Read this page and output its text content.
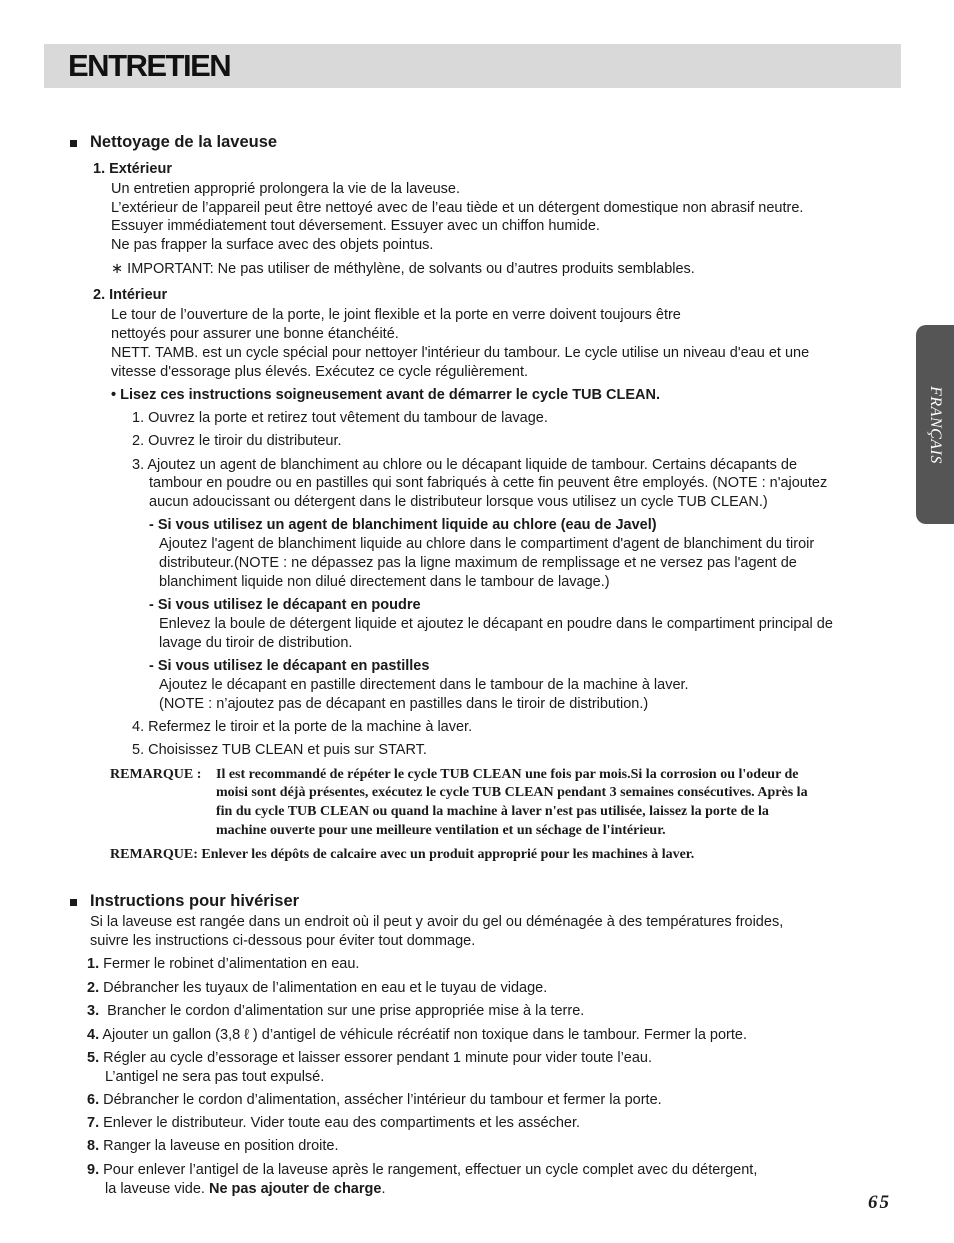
ENTRETIEN
FRANÇAIS
Nettoyage de la laveuse
1. Extérieur
Un entretien approprié prolongera la vie de la laveuse.
L’extérieur de l’appareil peut être nettoyé avec de l’eau tiède et un détergent domestique non abrasif neutre.
Essuyer immédiatement tout déversement. Essuyer avec un chiffon humide.
Ne pas frapper la surface avec des objets pointus.
∗ IMPORTANT: Ne pas utiliser de méthylène, de solvants ou d’autres produits semblables.
2. Intérieur
Le tour de l’ouverture de la porte, le joint flexible et la porte en verre doivent toujours être
nettoyés pour assurer une bonne étanchéité.
NETT. TAMB. est un cycle spécial pour nettoyer l'intérieur du tambour. Le cycle utilise un niveau d'eau et une
vitesse d'essorage plus élevés. Exécutez ce cycle régulièrement.
• Lisez ces instructions soigneusement avant de démarrer le cycle TUB CLEAN.
1. Ouvrez la porte et retirez tout vêtement du tambour de lavage.
2. Ouvrez le tiroir du distributeur.
3. Ajoutez un agent de blanchiment au chlore ou le décapant liquide de tambour. Certains décapants de
tambour en poudre ou en pastilles qui sont fabriqués à cette fin peuvent être employés. (NOTE : n'ajoutez
aucun adoucissant ou détergent dans le distributeur lorsque vous utilisez un cycle TUB CLEAN.)
- Si vous utilisez un agent de blanchiment liquide au chlore (eau de Javel)
Ajoutez l'agent de blanchiment liquide au chlore dans le compartiment d'agent de blanchiment du tiroir
distributeur.(NOTE : ne dépassez pas la ligne maximum de remplissage et ne versez pas l'agent de
blanchiment liquide non dilué directement dans le tambour de lavage.)
- Si vous utilisez le décapant en poudre
Enlevez la boule de détergent liquide et ajoutez le décapant en poudre dans le compartiment principal de
lavage du tiroir de distribution.
- Si vous utilisez le décapant en pastilles
Ajoutez le décapant en pastille directement dans le tambour de la machine à laver.
(NOTE : n’ajoutez pas de décapant en pastilles dans le tiroir de distribution.)
4. Refermez le tiroir et la porte de la machine à laver.
5. Choisissez TUB CLEAN et puis sur START.
REMARQUE : Il est recommandé de répéter le cycle TUB CLEAN une fois par mois.Si la corrosion ou l'odeur de
moisi sont déjà présentes, exécutez le cycle TUB CLEAN pendant 3 semaines consécutives. Après la
fin du cycle TUB CLEAN ou quand la machine à laver n'est pas utilisée, laissez la porte de la
machine ouverte pour une meilleure ventilation et un séchage de l'intérieur.
REMARQUE: Enlever les dépôts de calcaire avec un produit approprié pour les machines à laver.
Instructions pour hivériser
Si la laveuse est rangée dans un endroit où il peut y avoir du gel ou déménagée à des températures froides,
suivre les instructions ci-dessous pour éviter tout dommage.
1. Fermer le robinet d’alimentation en eau.
2. Débrancher les tuyaux de l’alimentation en eau et le tuyau de vidage.
3. Brancher le cordon d’alimentation sur une prise appropriée mise à la terre.
4. Ajouter un gallon (3,8 ℓ ) d’antigel de véhicule récréatif non toxique dans le tambour. Fermer la porte.
5. Régler au cycle d’essorage et laisser essorer pendant 1 minute pour vider toute l’eau.
L’antigel ne sera pas tout expulsé.
6. Débrancher le cordon d’alimentation, assécher l’intérieur du tambour et fermer la porte.
7. Enlever le distributeur. Vider toute eau des compartiments et les assécher.
8. Ranger la laveuse en position droite.
9. Pour enlever l’antigel de la laveuse après le rangement, effectuer un cycle complet avec du détergent,
la laveuse vide. Ne pas ajouter de charge.
65
